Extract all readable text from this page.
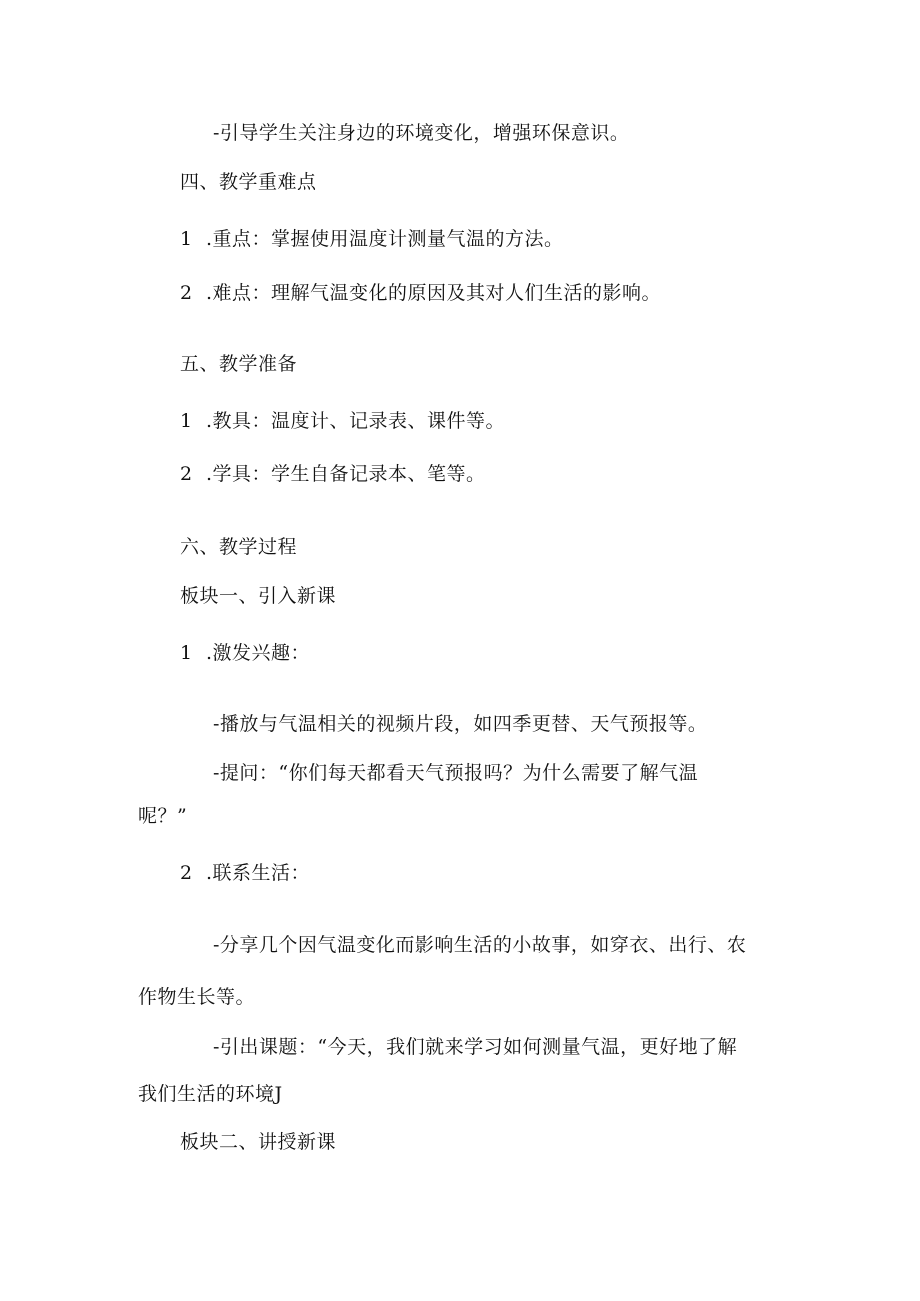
-引导学生关注身边的环境变化，增强环保意识。
四、教学重难点
1 .重点：掌握使用温度计测量气温的方法。
2 .难点：理解气温变化的原因及其对人们生活的影响。
五、教学准备
1 .教具：温度计、记录表、课件等。
2 .学具：学生自备记录本、笔等。
六、教学过程
板块一、引入新课
1 .激发兴趣：
-播放与气温相关的视频片段，如四季更替、天气预报等。
-提问：“你们每天都看天气预报吗？为什么需要了解气温
呢？”
2 .联系生活：
-分享几个因气温变化而影响生活的小故事，如穿衣、出行、农
作物生长等。
-引出课题：“今天，我们就来学习如何测量气温，更好地了解
我们生活的环境J
板块二、讲授新课
